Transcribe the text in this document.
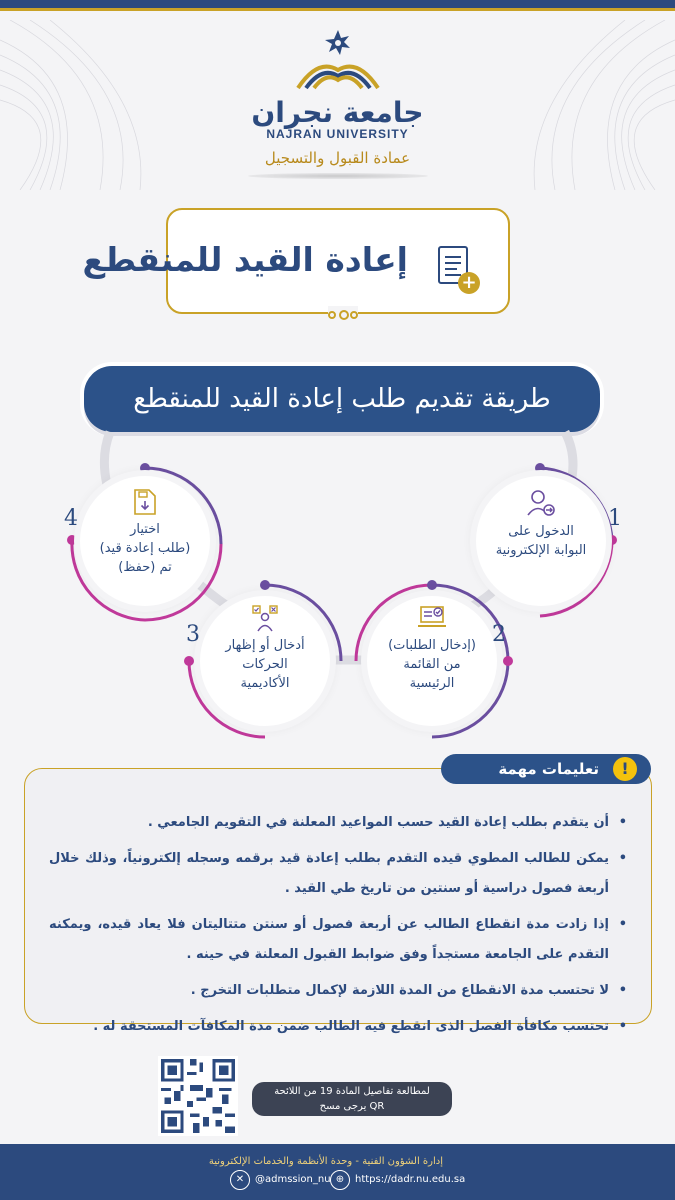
جامعة نجران
NAJRAN UNIVERSITY
عمادة القبول والتسجيل
إعادة القيد للمنقطع
+
طريقة تقديم طلب إعادة القيد للمنقطع
الدخول على
البوابة الإلكترونية
1
(إدخال الطلبات)
من القائمة
الرئيسية
2
أدخال أو إظهار
الحركات
الأكاديمية
3
اختيار
(طلب إعادة قيد)
تم (حفظ)
4
تعليمات مهمة	!
• أن يتقدم بطلب إعادة القيد حسب المواعيد المعلنة في التقويم الجامعي .
• يمكن للطالب المطوي قيده التقدم بطلب إعادة قيد برقمه وسجله إلكترونياً، وذلك خلال أربعة فصول دراسية أو سنتين من تاريخ طي القيد .
• إذا زادت مدة انقطاع الطالب عن أربعة فصول أو سنتن متتاليتان فلا يعاد قيده، ويمكنه التقدم على الجامعة مستجداً وفق ضوابط القبول المعلنة في حينه .
• لا تحتسب مدة الانقطاع من المدة اللازمة لإكمال متطلبات التخرج .
• تحتسب مكافأة الفصل الذى انقطع فيه الطالب ضمن مدة المكافآت المستحقة له .
لمطالعة تفاصيل المادة 19 من اللائحة
يرجى مسح QR
إدارة الشؤون الفنية - وحدة الأنظمة والخدمات الإلكترونية
✕	@admssion_nu ⊕	https://dadr.nu.edu.sa
